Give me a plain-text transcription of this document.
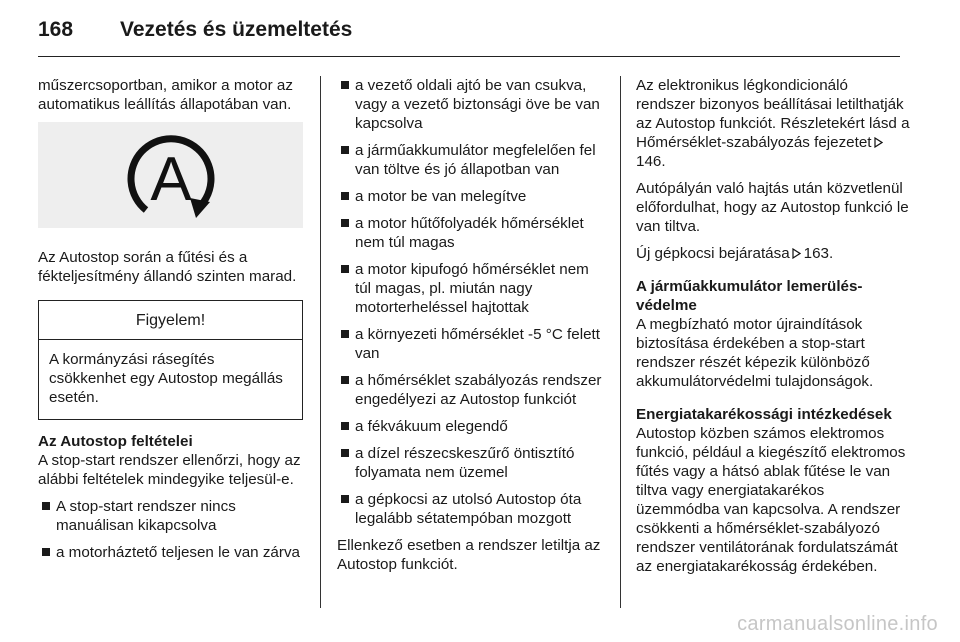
168	Vezetés és üzemeltetés

műszercsoportban, amikor a motor az automatikus leállítás állapotában van.

A

Az Autostop során a fűtési és a fékteljesítmény állandó szinten marad.

Figyelem!
A kormányzási rásegítés csökkenhet egy Autostop megállás esetén.
Az Autostop feltételei

A stop-start rendszer ellenőrzi, hogy az alábbi feltételek mindegyike teljesül-e.

A stop-start rendszer nincs manuálisan kikapcsolva
a motorháztető teljesen le van zárva
a vezető oldali ajtó be van csukva, vagy a vezető biztonsági öve be van kapcsolva
a járműakkumulátor megfelelően fel van töltve és jó állapotban van
a motor be van melegítve
a motor hűtőfolyadék hőmérséklet nem túl magas
a motor kipufogó hőmérséklet nem túl magas, pl. miután nagy motorterheléssel hajtottak
a környezeti hőmérséklet -5 °C felett van
a hőmérséklet szabályozás rendszer engedélyezi az Autostop funkciót
a fékvákuum elegendő
a dízel részecskeszűrő öntisztító folyamata nem üzemel
a gépkocsi az utolsó Autostop óta legalább sétatempóban mozgott

Ellenkező esetben a rendszer letiltja az Autostop funkciót.

Az elektronikus légkondicionáló rendszer bizonyos beállításai letilthatják az Autostop funkciót. Részletekért lásd a Hőmérséklet-szabályozás fejezetet146.

Autópályán való hajtás után közvetlenül előfordulhat, hogy az Autostop funkció le van tiltva.

Új gépkocsi bejáratása 163.

A járműakkumulátor lemerülés-védelme

A megbízható motor újraindítások biztosítása érdekében a stop-start rendszer részét képezik különböző akkumulátorvédelmi tulajdonságok.

Energiatakarékossági intézkedések

Autostop közben számos elektromos funkció, például a kiegészítő elektromos fűtés vagy a hátsó ablak fűtése le van tiltva vagy energiatakarékos üzemmódba van kapcsolva. A rendszer csökkenti a hőmérséklet-szabályozó rendszer ventilátorának fordulatszámát az energiatakarékosság érdekében.

carmanualsonline.info
